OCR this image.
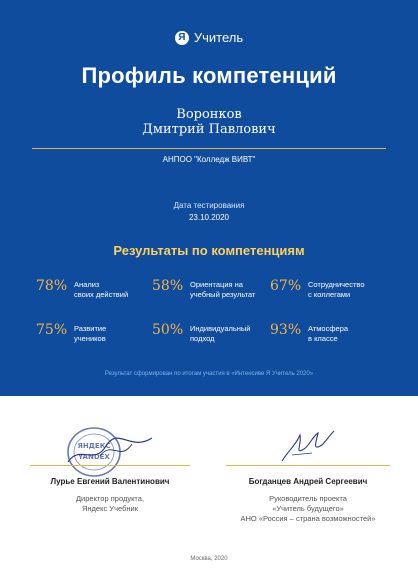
Я Учитель
Профиль компетенций
Воронков
Дмитрий Павлович
АНПОО "Колледж ВИВТ"
Дата тестирования
23.10.2020
Результаты по компетенциям
78% Анализ
своих действий
58% Ориентация на
учебный результат
67% Сотрудничество
с коллегами
75% Развитие
учеников
50% Индивидуальный
подход
93% Атмосфера
в классе
Результат сформирован по итогам участия в «Интенсиве Я Учитель 2020»
ЯНДЕКС
YANDEX
Лурье Евгений Валентинович
Директор продукта,
Яндекс Учебник
Богданцев Андрей Сергеевич
Руководитель проекта
«Учитель будущего»
АНО «Россия – страна возможностей»
Москва, 2020
